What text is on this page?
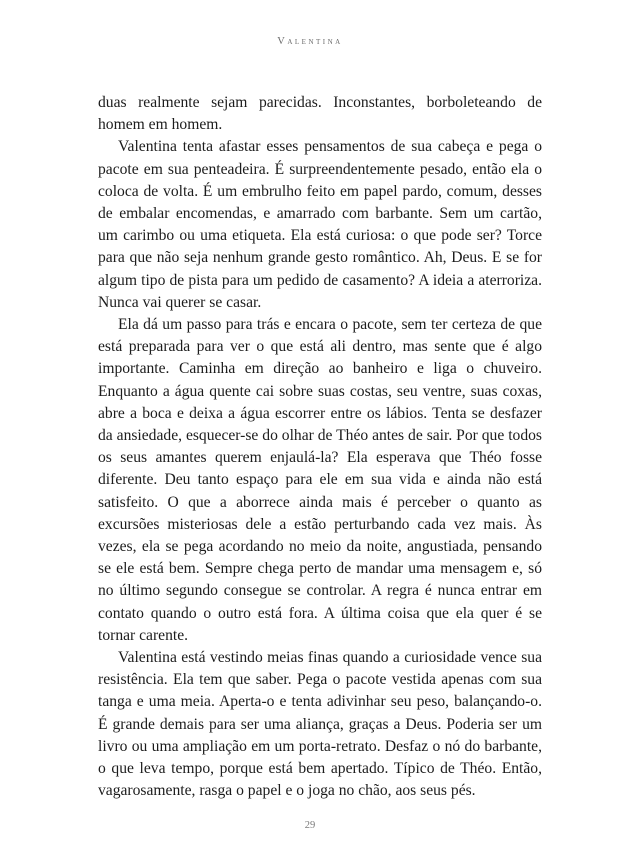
Valentina

duas realmente sejam parecidas. Inconstantes, borboleteando de homem em homem.

Valentina tenta afastar esses pensamentos de sua cabeça e pega o pacote em sua penteadeira. É surpreendentemente pesado, então ela o coloca de volta. É um embrulho feito em papel pardo, comum, desses de embalar encomendas, e amarrado com barbante. Sem um cartão, um carimbo ou uma etiqueta. Ela está curiosa: o que pode ser? Torce para que não seja nenhum grande gesto romântico. Ah, Deus. E se for algum tipo de pista para um pedido de casamento? A ideia a aterroriza. Nunca vai querer se casar.

Ela dá um passo para trás e encara o pacote, sem ter certeza de que está preparada para ver o que está ali dentro, mas sente que é algo importante. Caminha em direção ao banheiro e liga o chuveiro. Enquanto a água quente cai sobre suas costas, seu ventre, suas coxas, abre a boca e deixa a água escorrer entre os lábios. Tenta se desfazer da ansiedade, esquecer-se do olhar de Théo antes de sair. Por que todos os seus amantes querem enjaulá-la? Ela esperava que Théo fosse diferente. Deu tanto espaço para ele em sua vida e ainda não está satisfeito. O que a aborrece ainda mais é perceber o quanto as excursões misteriosas dele a estão perturbando cada vez mais. Às vezes, ela se pega acordando no meio da noite, angustiada, pensando se ele está bem. Sempre chega perto de mandar uma mensagem e, só no último segundo consegue se controlar. A regra é nunca entrar em contato quando o outro está fora. A última coisa que ela quer é se tornar carente.

Valentina está vestindo meias finas quando a curiosidade vence sua resistência. Ela tem que saber. Pega o pacote vestida apenas com sua tanga e uma meia. Aperta-o e tenta adivinhar seu peso, balançando-o. É grande demais para ser uma aliança, graças a Deus. Poderia ser um livro ou uma ampliação em um porta-retrato. Desfaz o nó do barbante, o que leva tempo, porque está bem apertado. Típico de Théo. Então, vagarosamente, rasga o papel e o joga no chão, aos seus pés.

29
